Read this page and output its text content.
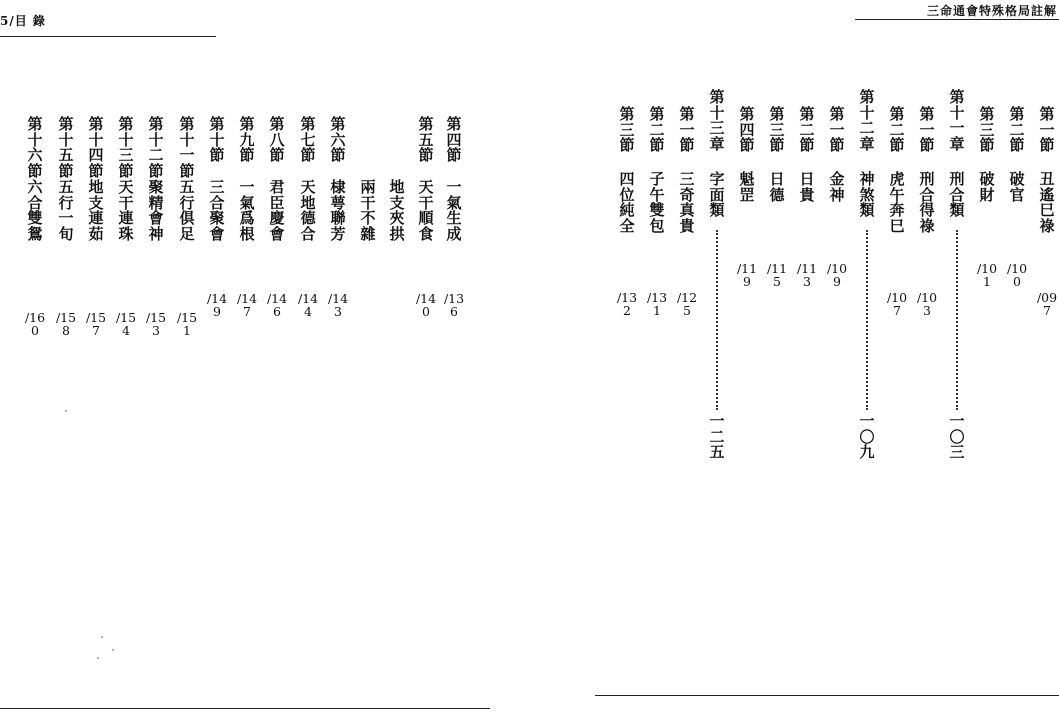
5/目 錄
第四節
一氣生成
/136
第五節
天干順食
/140
地支夾拱
兩干不雜
第六節
棣萼聯芳
/143
第七節
天地德合
/144
第八節
君臣慶會
/146
第九節
一氣爲根
/147
第十節
三合聚會
/149
第十一節
五行俱足
/151
第十二節
聚精會神
/153
第十三節
天干連珠
/154
第十四節
地支連茹
/157
第十五節
五行一旬
/158
第十六節
六合雙鴛
/160
三命通會特殊格局註解
第一節
丑遙巳祿
/097
第二節
破官
/100
第三節
破財
/101
第十一章
刑合類
一〇三
第一節
刑合得祿
/103
第二節
虎午奔巳
/107
第十二章
神煞類
一〇九
第一節
金神
/109
第二節
日貴
/113
第三節
日德
/115
第四節
魁罡
/119
第十三章
字面類
一二五
第一節
三奇真貴
/125
第二節
子午雙包
/131
第三節
四位純全
/132
